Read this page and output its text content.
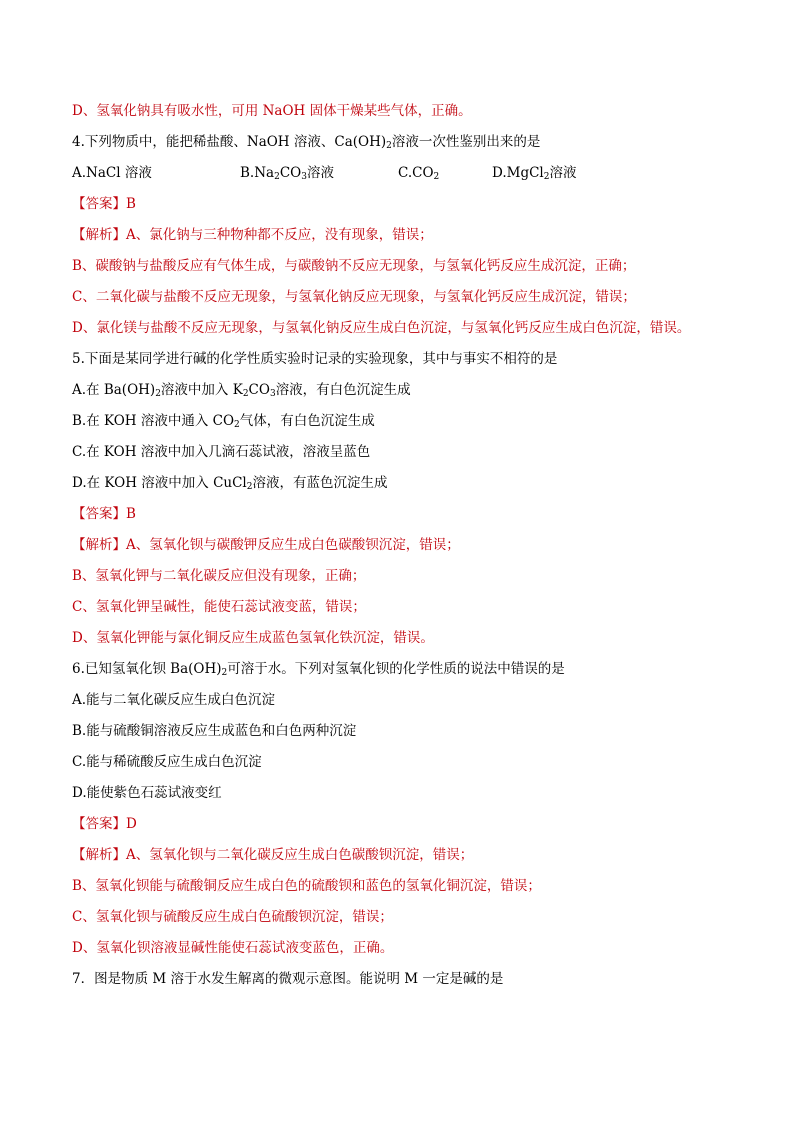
D、氢氧化钠具有吸水性，可用 NaOH 固体干燥某些气体，正确。
4.下列物质中，能把稀盐酸、NaOH 溶液、$Ca(OH)_2$溶液一次性鉴别出来的是
A.NaCl 溶液	$B.Na_2CO_3$溶液	$C.CO_2$	D.MgCl$_2$溶液
【答案】B
【解析】A、氯化钠与三种物种都不反应，没有现象，错误；
B、碳酸钠与盐酸反应有气体生成，与碳酸钠不反应无现象，与氢氧化钙反应生成沉淀，正确；
C、二氧化碳与盐酸不反应无现象，与氢氧化钠反应无现象，与氢氧化钙反应生成沉淀，错误；
D、氯化镁与盐酸不反应无现象，与氢氧化钠反应生成白色沉淀，与氢氧化钙反应生成白色沉淀，错误。
5.下面是某同学进行碱的化学性质实验时记录的实验现象，其中与事实不相符的是
A.在 $Ba(OH)_2$溶液中加入 $K_2CO_3$溶液，有白色沉淀生成
B.在 KOH 溶液中通入 $CO_2$气体，有白色沉淀生成
C.在 KOH 溶液中加入几滴石蕊试液，溶液呈蓝色
D.在 KOH 溶液中加入 CuCl$_2$溶液，有蓝色沉淀生成
【答案】B
【解析】A、氢氧化钡与碳酸钾反应生成白色碳酸钡沉淀，错误；
B、氢氧化钾与二氧化碳反应但没有现象，正确；
C、氢氧化钾呈碱性，能使石蕊试液变蓝，错误；
D、氢氧化钾能与氯化铜反应生成蓝色氢氧化铁沉淀，错误。
6.已知氢氧化钡 $Ba(OH)_2$可溶于水。下列对氢氧化钡的化学性质的说法中错误的是
A.能与二氧化碳反应生成白色沉淀
B.能与硫酸铜溶液反应生成蓝色和白色两种沉淀
C.能与稀硫酸反应生成白色沉淀
D.能使紫色石蕊试液变红
【答案】D
【解析】A、氢氧化钡与二氧化碳反应生成白色碳酸钡沉淀，错误；
B、氢氧化钡能与硫酸铜反应生成白色的硫酸钡和蓝色的氢氧化铜沉淀，错误；
C、氢氧化钡与硫酸反应生成白色硫酸钡沉淀，错误；
D、氢氧化钡溶液显碱性能使石蕊试液变蓝色，正确。
7．图是物质 M 溶于水发生解离的微观示意图。能说明 M 一定是碱的是
